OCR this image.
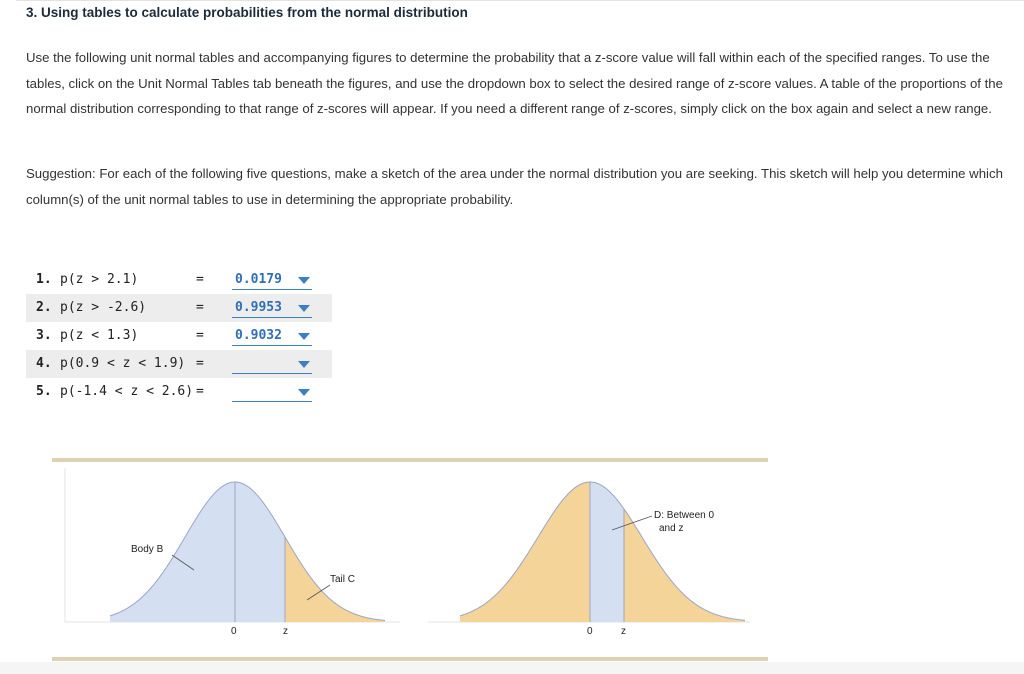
3. Using tables to calculate probabilities from the normal distribution

Use the following unit normal tables and accompanying figures to determine the probability that a z-score value will fall within each of the specified ranges. To use the tables, click on the Unit Normal Tables tab beneath the figures, and use the dropdown box to select the desired range of z-score values. A table of the proportions of the normal distribution corresponding to that range of z-scores will appear. If you need a different range of z-scores, simply click on the box again and select a new range.

Suggestion: For each of the following five questions, make a sketch of the area under the normal distribution you are seeking. This sketch will help you determine which column(s) of the unit normal tables to use in determining the appropriate probability.

1. p(z > 2.1)	= 0.0179
2. p(z > -2.6)	= 0.9953
3. p(z < 1.3)	= 0.9032
4. p(0.9 < z < 1.9) =
5. p(-1.4 < z < 2.6) =
Body B
Tail C
0	z
D: Between 0
and z
0	z
